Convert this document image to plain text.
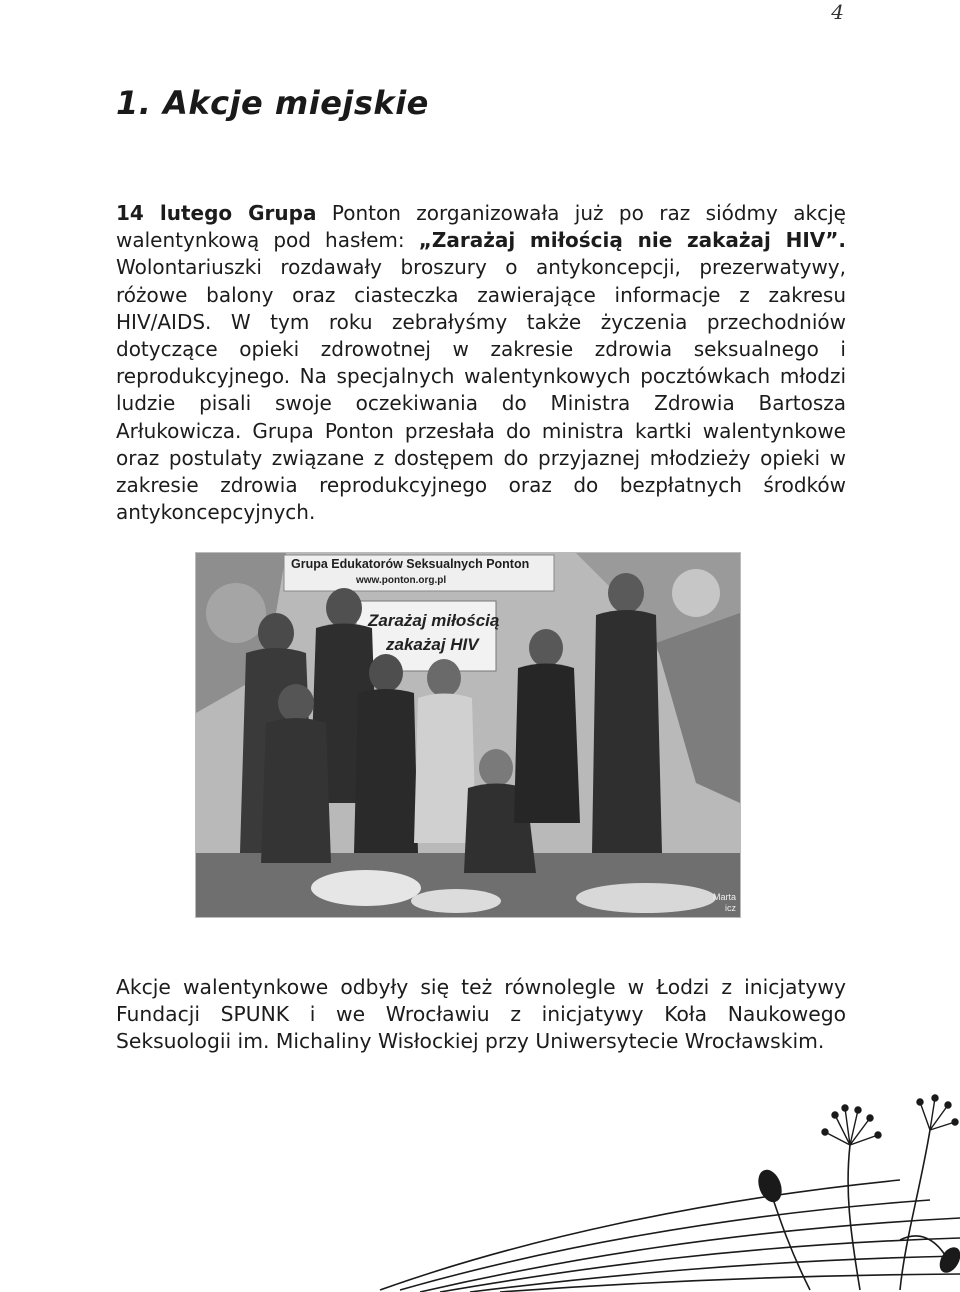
4
1. Akcje miejskie

14 lutego Grupa Ponton zorganizowała już po raz siódmy akcję walentynkową pod hasłem: „Zarażaj miłością nie zakażaj HIV”. Wolontariuszki rozdawały broszury o antykoncepcji, prezerwatywy, różowe balony oraz ciasteczka zawierające informacje z zakresu HIV/AIDS. W tym roku zebrałyśmy także życzenia przechodniów dotyczące opieki zdrowotnej w zakresie zdrowia seksualnego i reprodukcyjnego. Na specjalnych walentynkowych pocztówkach młodzi ludzie pisali swoje oczekiwania do Ministra Zdrowia Bartosza Arłukowicza. Grupa Ponton przesłała do ministra kartki walentynkowe oraz postulaty związane z dostępem do przyjaznej młodzieży opieki w zakresie zdrowia reprodukcyjnego oraz do bezpłatnych środków antykoncepcyjnych.

Grupa Edukatorów Seksualnych Ponton
www.ponton.org.pl
Zarażaj miłością
zakażaj HIV
Marta
icz

Akcje walentynkowe odbyły się też równolegle w Łodzi z inicjatywy Fundacji SPUNK i we Wrocławiu z inicjatywy Koła Naukowego Seksuologii im. Michaliny Wisłockiej przy Uniwersytecie Wrocławskim.
